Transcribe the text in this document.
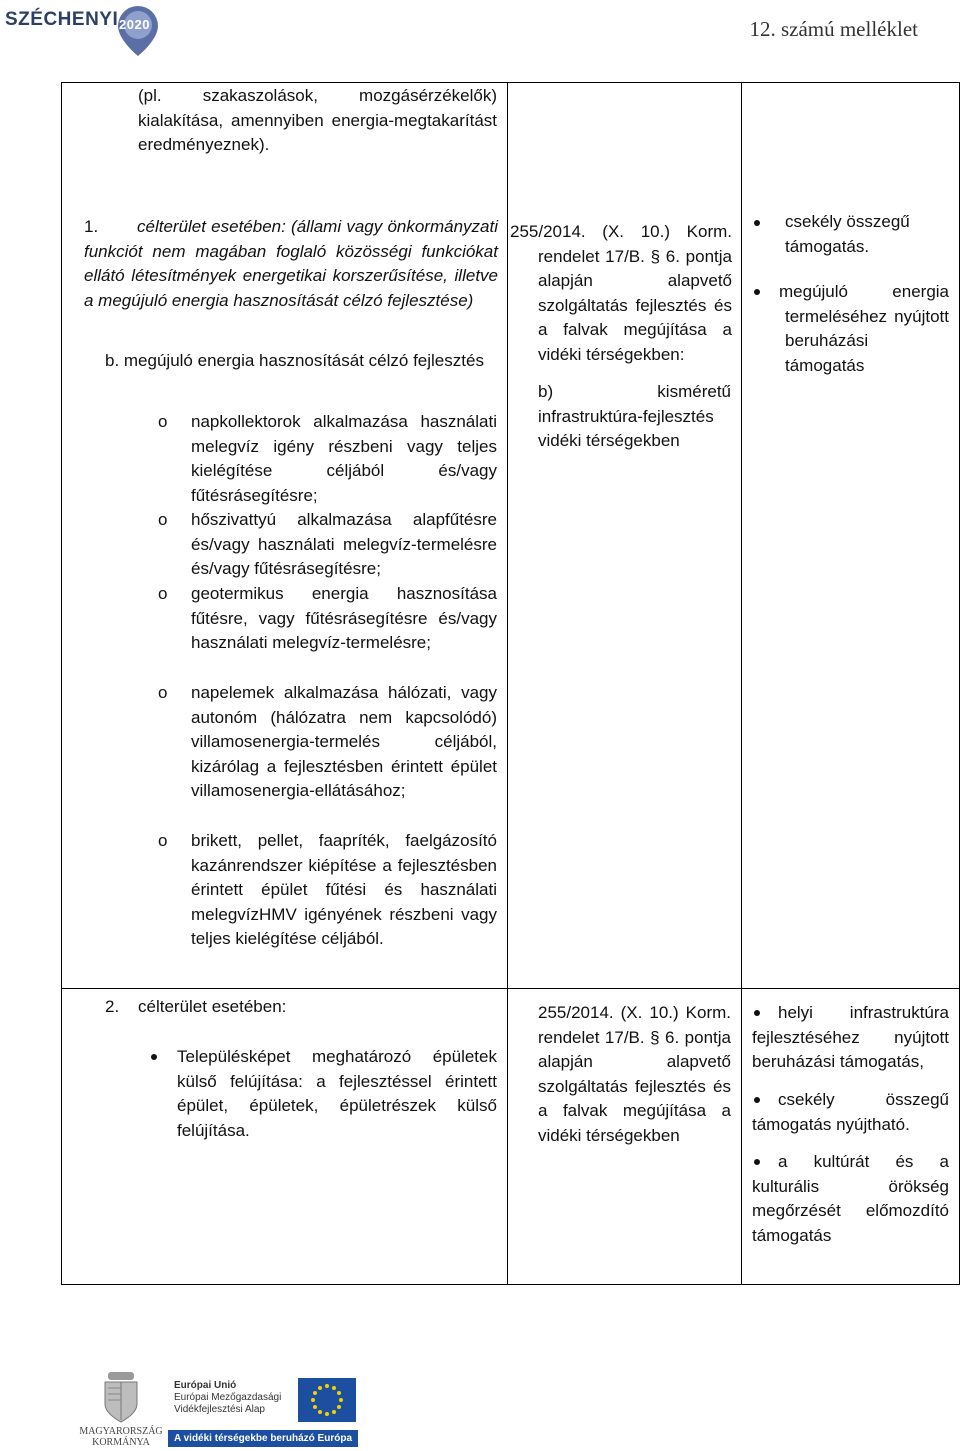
SZÉCHENYI 2020	12. számú melléklet
(pl. szakaszolások, mozgásérzékelők) kialakítása, amennyiben energia-megtakarítást eredményeznek).
1.	célterület esetében: (állami vagy önkormányzati funkciót nem magában foglaló közösségi funkciókat ellátó létesítmények energetikai korszerűsítése, illetve a megújuló energia hasznosítását célzó fejlesztése)
b. megújuló energia hasznosítását célzó fejlesztés
o napkollektorok alkalmazása használati melegvíz igény részbeni vagy teljes kielégítése céljából és/vagy fűtésrásegítésre;
o hőszivattyú alkalmazása alapfűtésre és/vagy használati melegvíz-termelésre és/vagy fűtésrásegítésre;
o geotermikus energia hasznosítása fűtésre, vagy fűtésrásegítésre és/vagy használati melegvíz-termelésre;
o napelemek alkalmazása hálózati, vagy autonóm (hálózatra nem kapcsolódó) villamosenergia-termelés céljából, kizárólag a fejlesztésben érintett épület villamosenergia-ellátásához;
o brikett, pellet, faapríték, faelgázosító kazánrendszer kiépítése a fejlesztésben érintett épület fűtési és használati melegvízHMV igényének részbeni vagy teljes kielégítése céljából.
255/2014. (X. 10.) Korm. rendelet 17/B. § 6. pontja alapján alapvető szolgáltatás fejlesztés és a falvak megújítása a vidéki térségekben:
b) kisméretű infrastruktúra-fejlesztés vidéki térségekben
csekély összegű támogatás.
megújuló energia termeléséhez nyújtott beruházási támogatás
2. célterület esetében:
Településképet meghatározó épületek külső felújítása: a fejlesztéssel érintett épület, épületek, épületrészek külső felújítása.
255/2014. (X. 10.) Korm. rendelet 17/B. § 6. pontja alapján alapvető szolgáltatás fejlesztés és a falvak megújítása a vidéki térségekben
helyi infrastruktúra fejlesztéséhez nyújtott beruházási támogatás,
csekély összegű támogatás nyújtható.
a kultúrát és a kulturális örökség megőrzését előmozdító támogatás
MAGYARORSZÁG
KORMÁNYA
Európai Unió
Európai Mezőgazdasági
Vidékfejlesztési Alap
A vidéki térségekbe beruházó Európa
